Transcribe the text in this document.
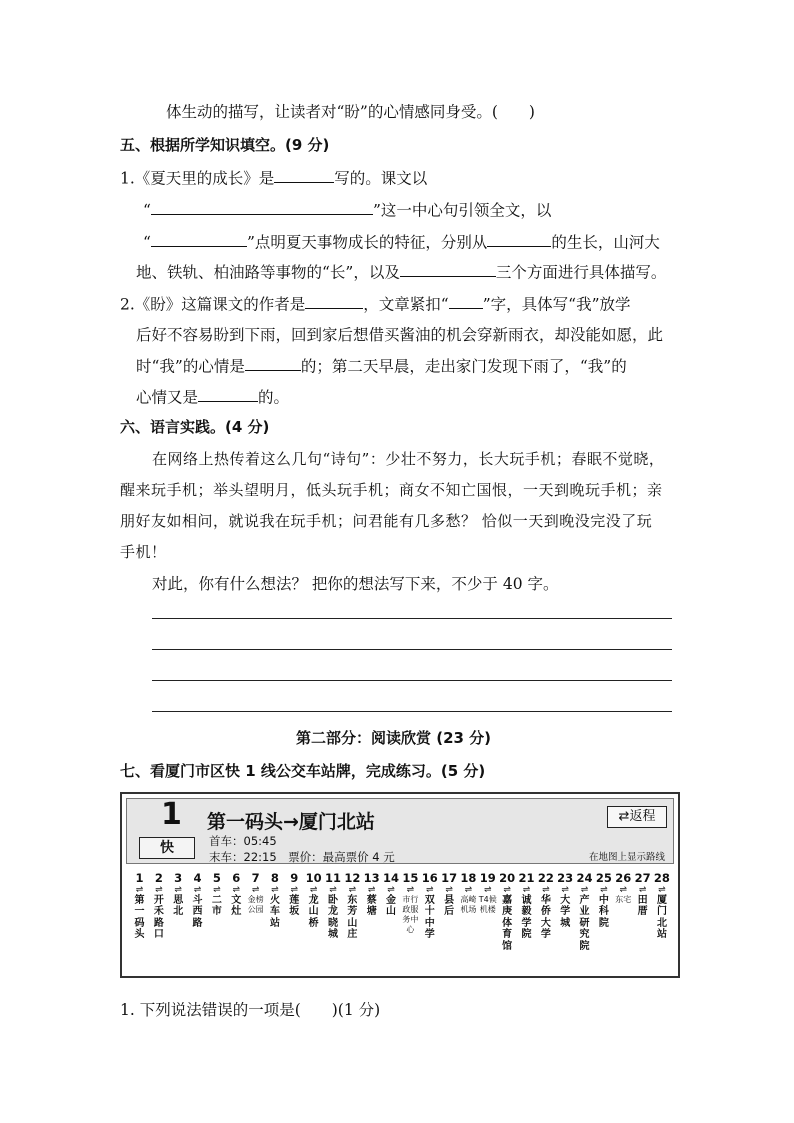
体生动的描写，让读者对“盼”的心情感同身受。(　　)
五、根据所学知识填空。(9 分)
1.《夏天里的成长》是	写的。课文以
“	”这一中心句引领全文，以
“	”点明夏天事物成长的特征，分别从	的生长，山河大
地、铁轨、柏油路等事物的“长”，以及	三个方面进行具体描写。
2.《盼》这篇课文的作者是	，文章紧扣“ ”字，具体写“我”放学
后好不容易盼到下雨，回到家后想借买酱油的机会穿新雨衣，却没能如愿，此
时“我”的心情是	的；第二天早晨，走出家门发现下雨了，“我”的
心情又是	的。
六、语言实践。(4 分)
在网络上热传着这么几句“诗句”：少壮不努力，长大玩手机；春眠不觉晓，
醒来玩手机；举头望明月，低头玩手机；商女不知亡国恨，一天到晚玩手机；亲
朋好友如相问，就说我在玩手机；问君能有几多愁？ 恰似一天到晚没完没了玩
手机！
对此，你有什么想法？ 把你的想法写下来，不少于 40 字。
第二部分：阅读欣赏 (23 分)
七、看厦门市区快 1 线公交车站牌，完成练习。(5 分)
1
快
第一码头→厦门北站	⇄返程
首车：05:45
末车：22:15　票价：最高票价 4 元	在地图上显示路线
1
⇌
第一码头
2
⇌
开禾路口
3
⇌
思北
4
⇌
斗西路
5
⇌
二市
6
⇌
文灶
7
⇌
金榜公园
8
⇌
火车站
9
⇌
莲坂
10
⇌
龙山桥
11
⇌
卧龙晓城
12
⇌
东芳山庄
13
⇌
蔡塘
14
⇌
金山
15
⇌
市行政服务中心
16
⇌
双十中学
17
⇌
县后
18
⇌
高崎机场
19
⇌
T4候机楼
20
⇌
嘉庚体育馆
21
⇌
诚毅学院
22
⇌
华侨大学
23
⇌
大学城
24
⇌
产业研究院
25
⇌
中科院
26
⇌
东宅
27
⇌
田厝
28
⇌
厦门北站
1. 下列说法错误的一项是(　　)(1 分)
